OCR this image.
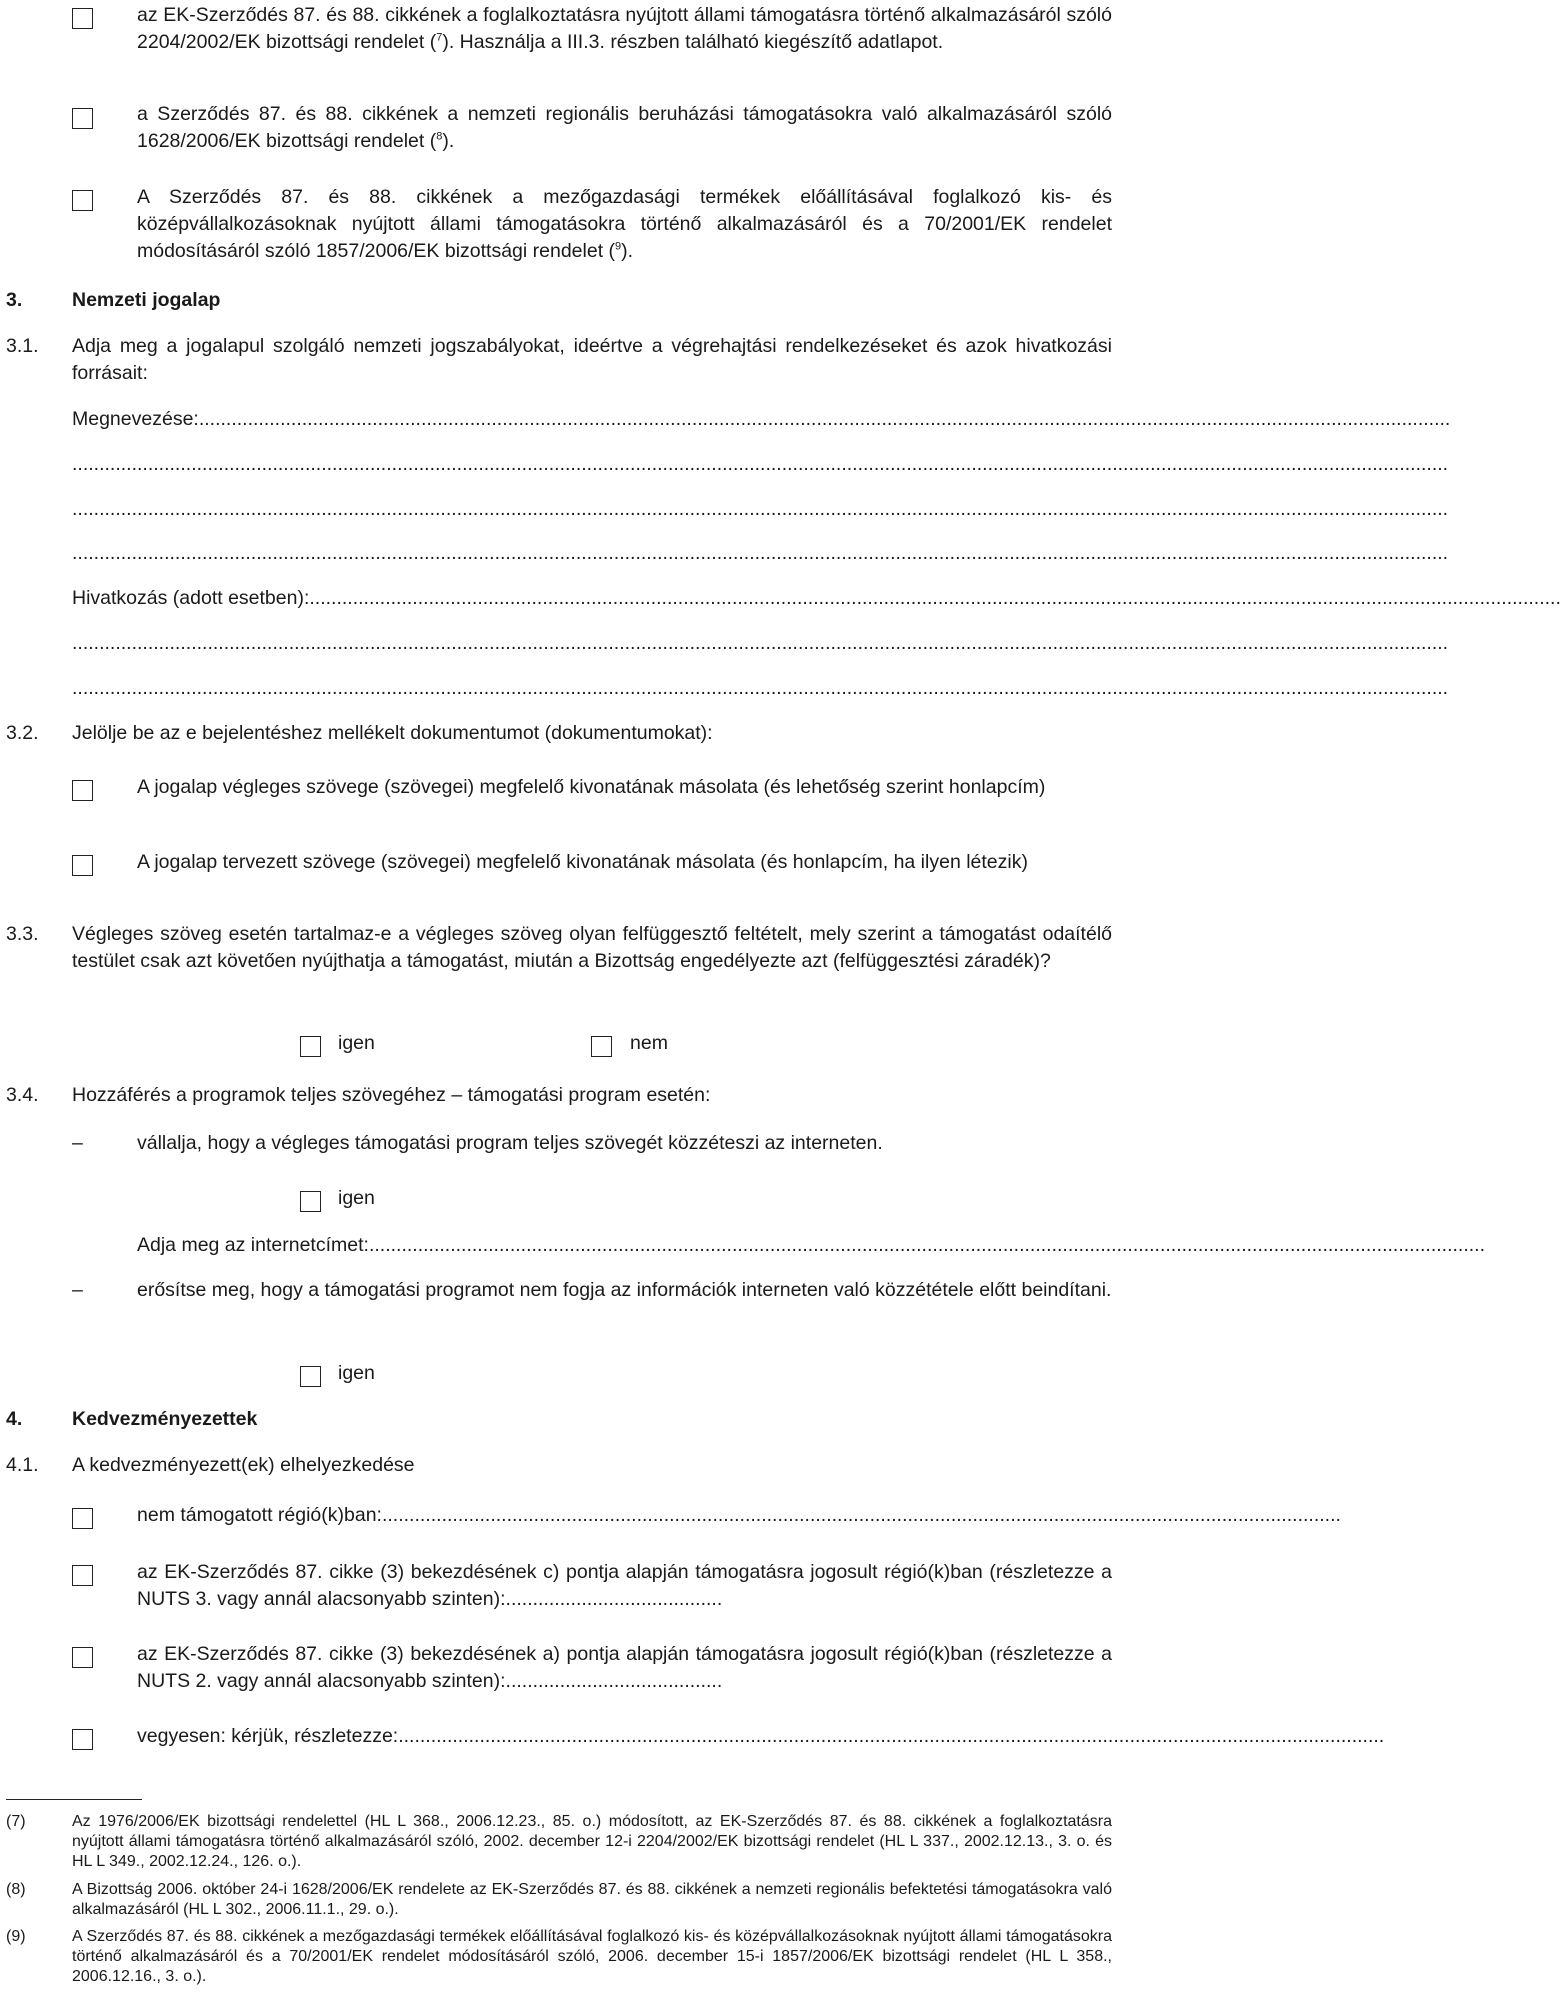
az EK-Szerződés 87. és 88. cikkének a foglalkoztatásra nyújtott állami támogatásra történő alkalmazásáról szóló 2204/2002/EK bizottsági rendelet ($^7$). Használja a III.3. részben található kiegészítő adatlapot.
a Szerződés 87. és 88. cikkének a nemzeti regionális beruházási támogatásokra való alkalmazásáról szóló 1628/2006/EK bizottsági rendelet ($^8$).
A Szerződés 87. és 88. cikkének a mezőgazdasági termékek előállításával foglalkozó kis- és középvállalkozásoknak nyújtott állami támogatásokra történő alkalmazásáról és a 70/2001/EK rendelet módosításáról szóló 1857/2006/EK bizottsági rendelet ($^9$).
3.	Nemzeti jogalap
3.1. Adja meg a jogalapul szolgáló nemzeti jogszabályokat, ideértve a végrehajtási rendelkezéseket és azok hivatkozási forrásait:
Megnevezése:.......................................................................................................................................................................................................................................
..............................................................................................................................................................................................................................................................
..............................................................................................................................................................................................................................................................
..............................................................................................................................................................................................................................................................
Hivatkozás (adott esetben):.......................................................................................................................................................................................................................................
..............................................................................................................................................................................................................................................................
..............................................................................................................................................................................................................................................................
3.2. Jelölje be az e bejelentéshez mellékelt dokumentumot (dokumentumokat):
A jogalap végleges szövege (szövegei) megfelelő kivonatának másolata (és lehetőség szerint honlapcím)
A jogalap tervezett szövege (szövegei) megfelelő kivonatának másolata (és honlapcím, ha ilyen létezik)
3.3. Végleges szöveg esetén tartalmaz-e a végleges szöveg olyan felfüggesztő feltételt, mely szerint a támogatást odaítélő testület csak azt követően nyújthatja a támogatást, miután a Bizottság engedélyezte azt (felfüggesztési záradék)?
igen	nem
3.4. Hozzáférés a programok teljes szövegéhez – támogatási program esetén:
–	vállalja, hogy a végleges támogatási program teljes szövegét közzéteszi az interneten.
igen
Adja meg az internetcímet:..............................................................................................................................................................................................................
–	erősítse meg, hogy a támogatási programot nem fogja az információk interneten való közzététele előtt beindítani.
igen
4.	Kedvezményezettek
4.1. A kedvezményezett(ek) elhelyezkedése
nem támogatott régió(k)ban:.................................................................................................................................................................................
az EK-Szerződés 87. cikke (3) bekezdésének c) pontja alapján támogatásra jogosult régió(k)ban (részletezze a NUTS 3. vagy annál alacsonyabb szinten):........................................
az EK-Szerződés 87. cikke (3) bekezdésének a) pontja alapján támogatásra jogosult régió(k)ban (részletezze a NUTS 2. vagy annál alacsonyabb szinten):........................................
vegyesen: kérjük, részletezze:......................................................................................................................................................................................
(7)	Az 1976/2006/EK bizottsági rendelettel (HL L 368., 2006.12.23., 85. o.) módosított, az EK-Szerződés 87. és 88. cikkének a foglalkoztatásra nyújtott állami támogatásra történő alkalmazásáról szóló, 2002. december 12-i 2204/2002/EK bizottsági rendelet (HL L 337., 2002.12.13., 3. o. és HL L 349., 2002.12.24., 126. o.).
(8)	A Bizottság 2006. október 24-i 1628/2006/EK rendelete az EK-Szerződés 87. és 88. cikkének a nemzeti regionális befektetési támogatásokra való alkalmazásáról (HL L 302., 2006.11.1., 29. o.).
(9)	A Szerződés 87. és 88. cikkének a mezőgazdasági termékek előállításával foglalkozó kis- és középvállalkozásoknak nyújtott állami támogatásokra történő alkalmazásáról és a 70/2001/EK rendelet módosításáról szóló, 2006. december 15-i 1857/2006/EK bizottsági rendelet (HL L 358., 2006.12.16., 3. o.).
